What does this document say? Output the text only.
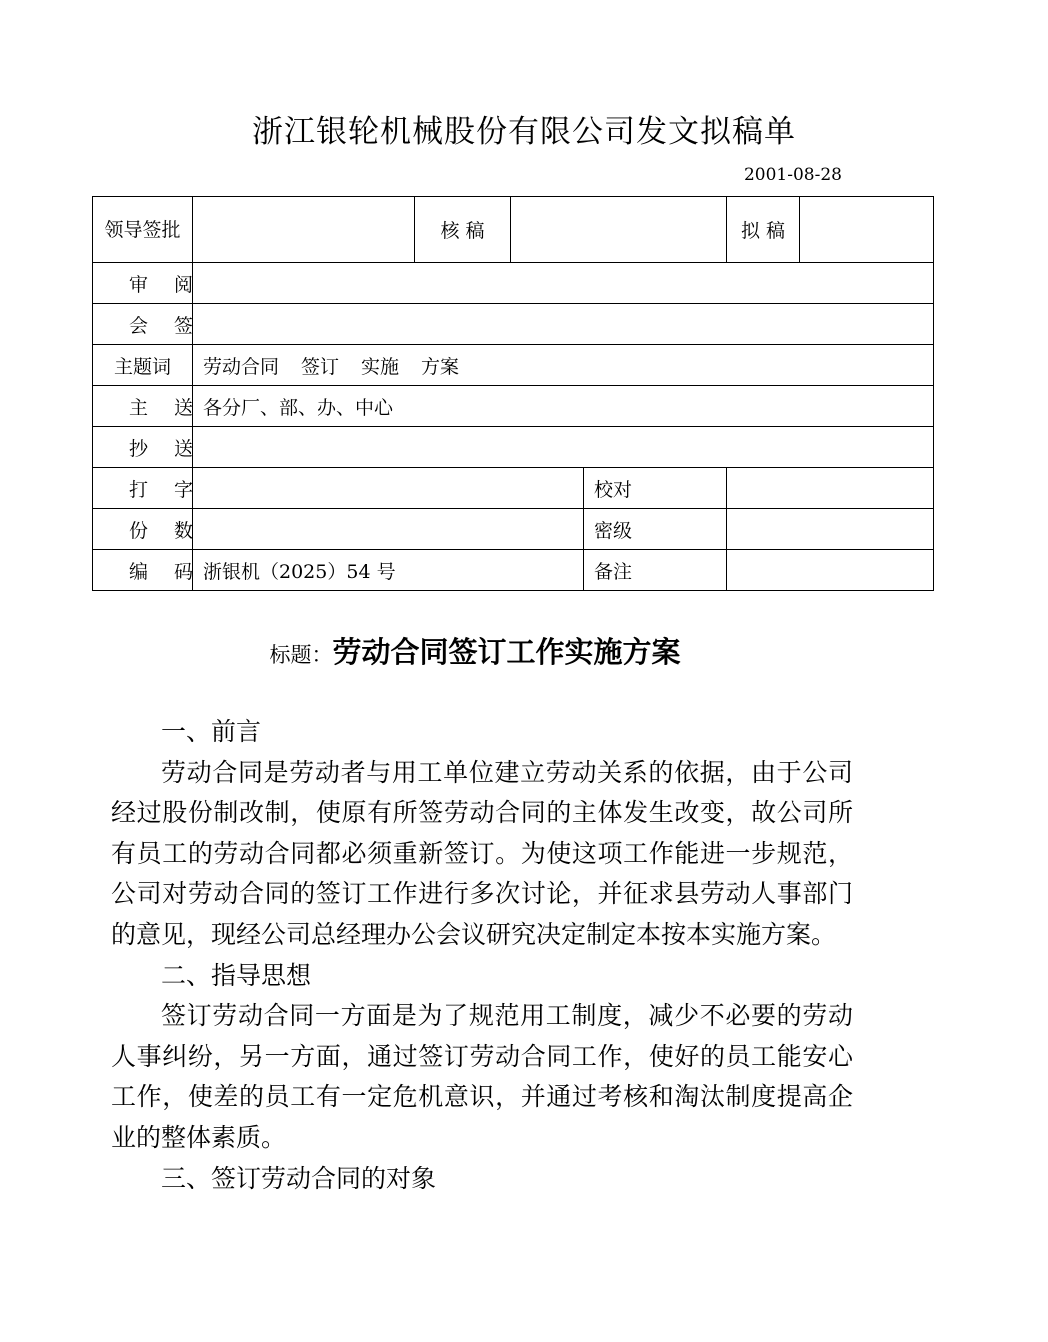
浙江银轮机械股份有限公司发文拟稿单
2001-08-28
领导签批		核 稿			拟 稿	
审阅						
会签						
主题词	劳动合同 签订 实施 方案					
主送	各分厂、部、办、中心					
抄送						
打字				校对		
份数				密级		
编码	浙银机（2025）54 号			备注		
标题：劳动合同签订工作实施方案

一、前言

劳动合同是劳动者与用工单位建立劳动关系的依据，由于公司经过股份制改制，使原有所签劳动合同的主体发生改变，故公司所有员工的劳动合同都必须重新签订。为使这项工作能进一步规范，公司对劳动合同的签订工作进行多次讨论，并征求县劳动人事部门的意见，现经公司总经理办公会议研究决定制定本按本实施方案。

二、指导思想

签订劳动合同一方面是为了规范用工制度，减少不必要的劳动人事纠纷，另一方面，通过签订劳动合同工作，使好的员工能安心工作，使差的员工有一定危机意识，并通过考核和淘汰制度提高企业的整体素质。

三、签订劳动合同的对象
